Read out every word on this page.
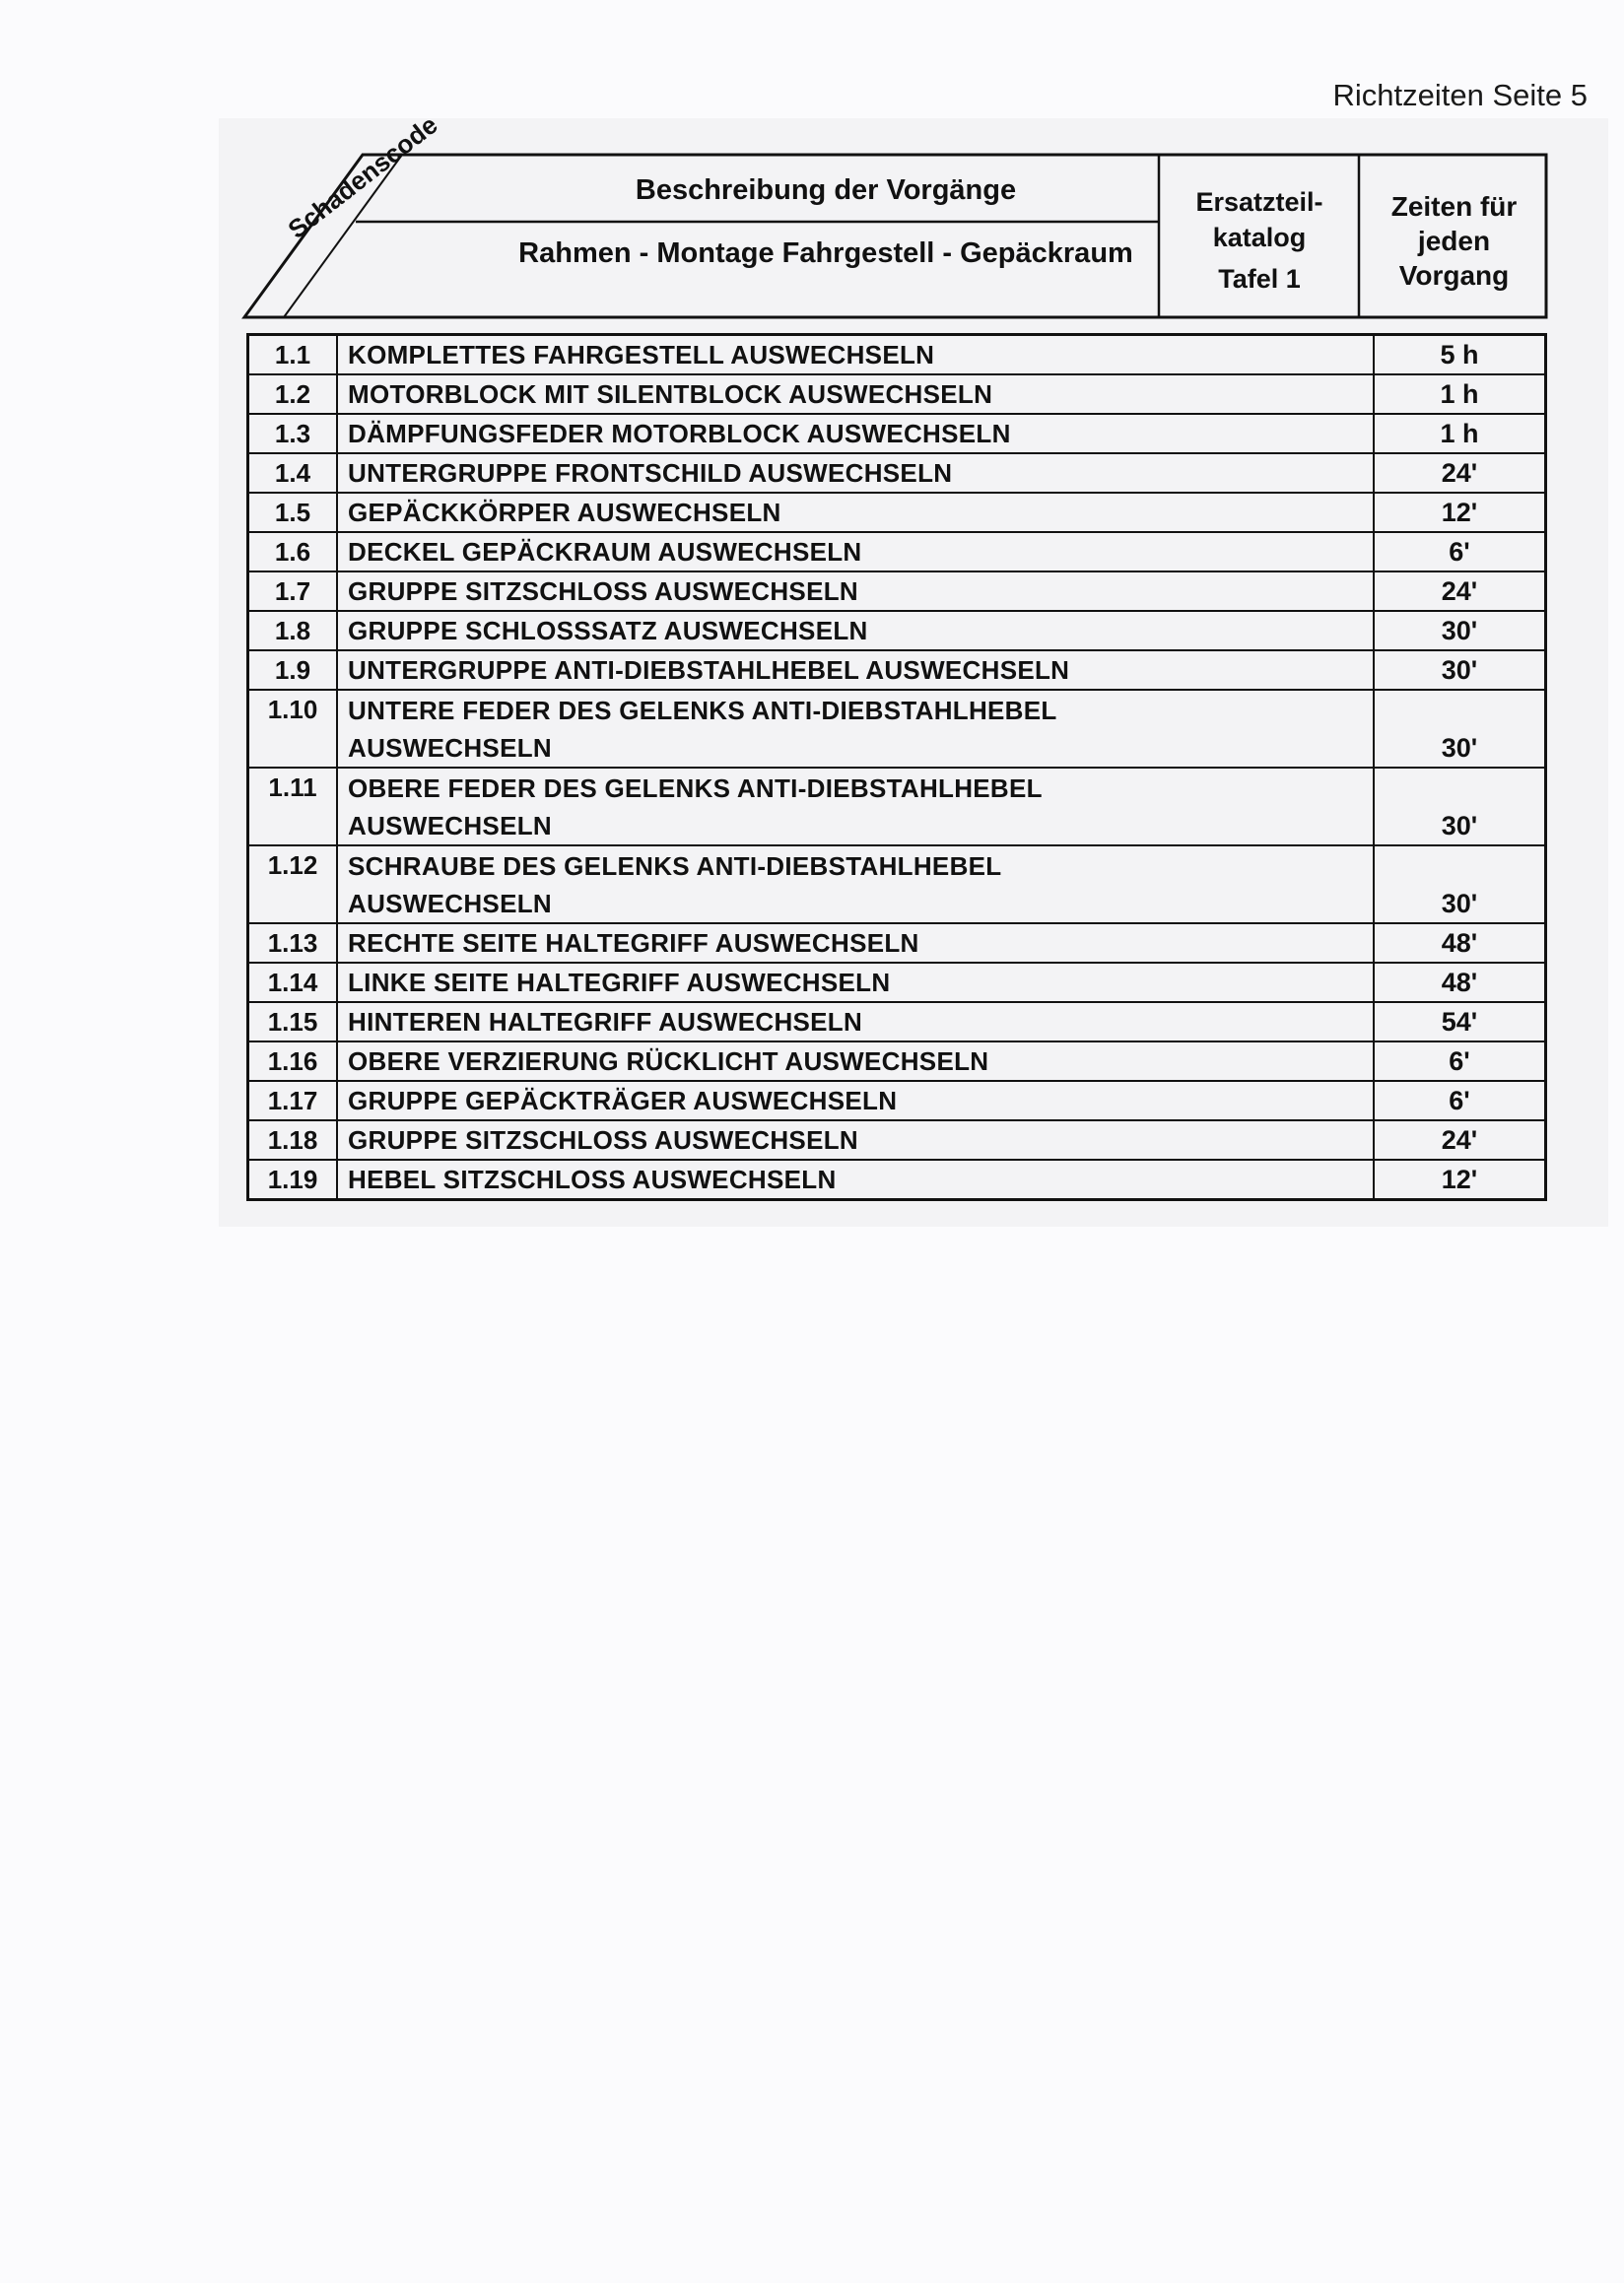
Richtzeiten Seite 5
Schadenscode	Beschreibung der Vorgänge
Rahmen - Montage Fahrgestell - Gepäckraum
Ersatzteil-
katalog
Tafel 1
Zeiten für
jeden
Vorgang
1.1	KOMPLETTES FAHRGESTELL AUSWECHSELN	5 h
1.2	MOTORBLOCK MIT SILENTBLOCK AUSWECHSELN	1 h
1.3	DÄMPFUNGSFEDER MOTORBLOCK AUSWECHSELN	1 h
1.4	UNTERGRUPPE FRONTSCHILD AUSWECHSELN	24'
1.5	GEPÄCKKÖRPER AUSWECHSELN	12'
1.6	DECKEL GEPÄCKRAUM AUSWECHSELN	6'
1.7	GRUPPE SITZSCHLOSS AUSWECHSELN	24'
1.8	GRUPPE SCHLOSSSATZ AUSWECHSELN	30'
1.9	UNTERGRUPPE ANTI-DIEBSTAHLHEBEL AUSWECHSELN	30'
1.10	UNTERE FEDER DES GELENKS ANTI-DIEBSTAHLHEBEL
AUSWECHSELN	30'
1.11	OBERE FEDER DES GELENKS ANTI-DIEBSTAHLHEBEL
AUSWECHSELN	30'
1.12	SCHRAUBE DES GELENKS ANTI-DIEBSTAHLHEBEL
AUSWECHSELN	30'
1.13	RECHTE SEITE HALTEGRIFF AUSWECHSELN	48'
1.14	LINKE SEITE HALTEGRIFF AUSWECHSELN	48'
1.15	HINTEREN HALTEGRIFF AUSWECHSELN	54'
1.16	OBERE VERZIERUNG RÜCKLICHT AUSWECHSELN	6'
1.17	GRUPPE GEPÄCKTRÄGER AUSWECHSELN	6'
1.18	GRUPPE SITZSCHLOSS AUSWECHSELN	24'
1.19	HEBEL SITZSCHLOSS AUSWECHSELN	12'
